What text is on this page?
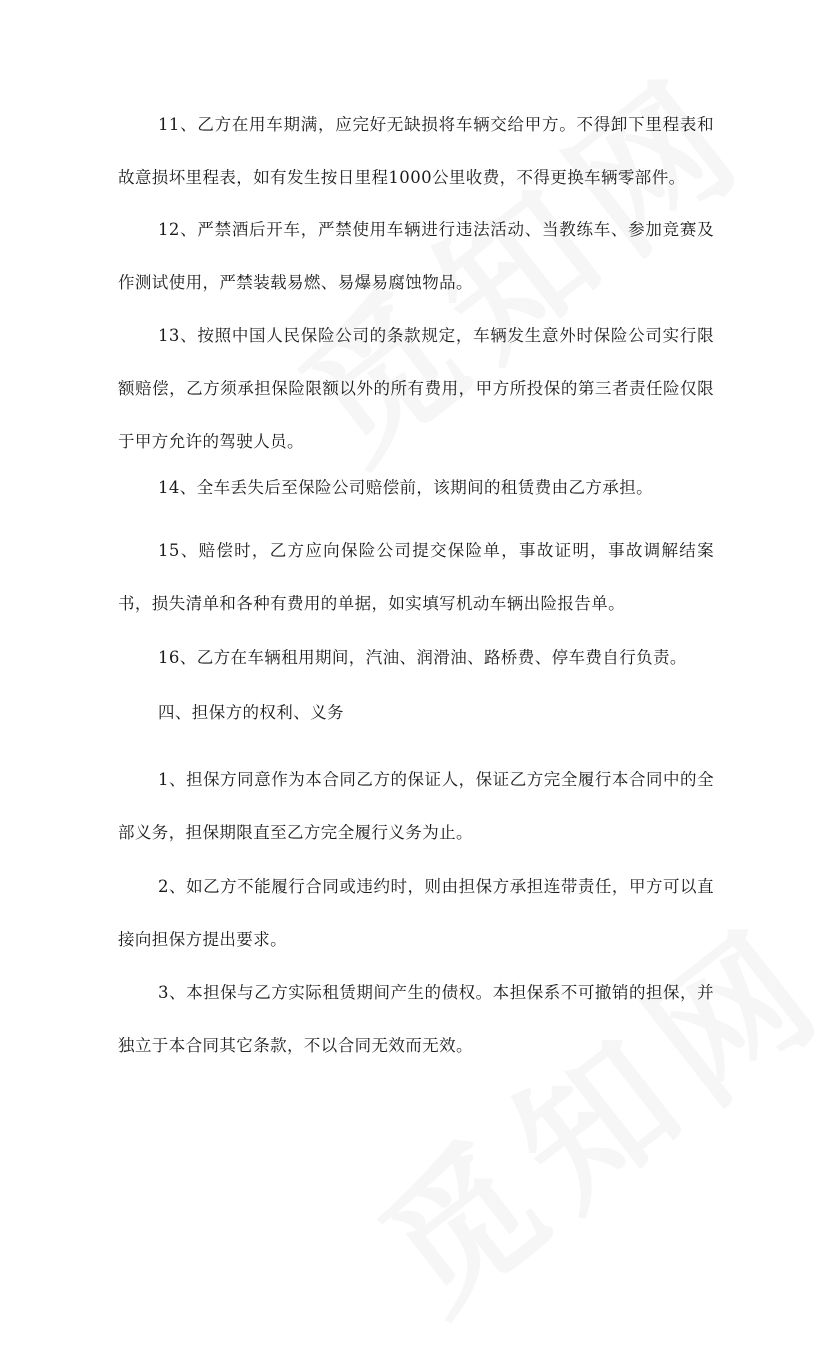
11、乙方在用车期满，应完好无缺损将车辆交给甲方。不得卸下里程表和故意损坏里程表，如有发生按日里程1000公里收费，不得更换车辆零部件。

12、严禁酒后开车，严禁使用车辆进行违法活动、当教练车、参加竞赛及作测试使用，严禁装载易燃、易爆易腐蚀物品。

13、按照中国人民保险公司的条款规定，车辆发生意外时保险公司实行限额赔偿，乙方须承担保险限额以外的所有费用，甲方所投保的第三者责任险仅限于甲方允许的驾驶人员。

14、全车丢失后至保险公司赔偿前，该期间的租赁费由乙方承担。

15、赔偿时，乙方应向保险公司提交保险单，事故证明，事故调解结案书，损失清单和各种有费用的单据，如实填写机动车辆出险报告单。

16、乙方在车辆租用期间，汽油、润滑油、路桥费、停车费自行负责。

四、担保方的权利、义务

1、担保方同意作为本合同乙方的保证人，保证乙方完全履行本合同中的全部义务，担保期限直至乙方完全履行义务为止。

2、如乙方不能履行合同或违约时，则由担保方承担连带责任，甲方可以直接向担保方提出要求。

3、本担保与乙方实际租赁期间产生的债权。本担保系不可撤销的担保，并独立于本合同其它条款，不以合同无效而无效。
